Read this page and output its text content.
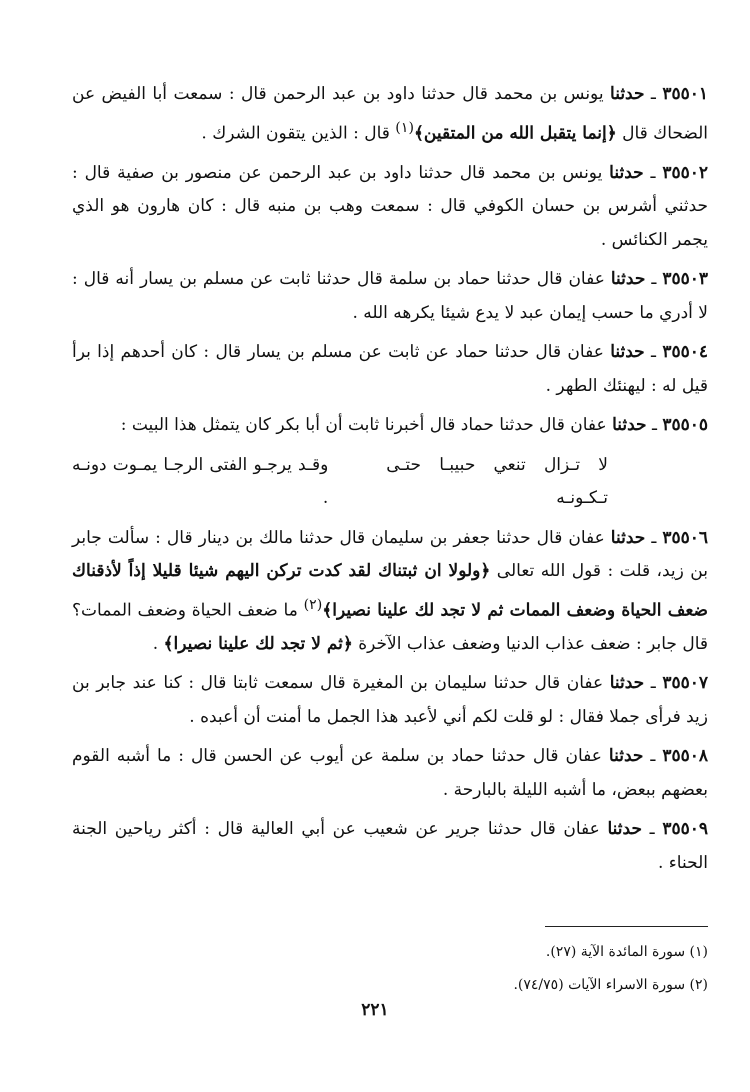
٣٥٥٠١ ـ حدثنا يونس بن محمد قال حدثنا داود بن عبد الرحمن قال : سمعت أبا الفيض عن الضحاك قال ﴿إنما يتقبل الله من المتقين﴾$^{(١)}$ قال : الذين يتقون الشرك .

٣٥٥٠٢ ـ حدثنا يونس بن محمد قال حدثنا داود بن عبد الرحمن عن منصور بن صفية قال : حدثني أشرس بن حسان الكوفي قال : سمعت وهب بن منبه قال : كان هارون هو الذي يجمر الكنائس .

٣٥٥٠٣ ـ حدثنا عفان قال حدثنا حماد بن سلمة قال حدثنا ثابت عن مسلم بن يسار أنه قال : لا أدري ما حسب إيمان عبد لا يدع شيئا يكرهه الله .

٣٥٥٠٤ ـ حدثنا عفان قال حدثنا حماد عن ثابت عن مسلم بن يسار قال : كان أحدهم إذا برأ قيل له : ليهنئك الطهر .

٣٥٥٠٥ ـ حدثنا عفان قال حدثنا حماد قال أخبرنا ثابت أن أبا بكر كان يتمثل هذا البيت :

لا تـزال تنعي حبيبـا حتـى تـكـونـه
وقـد يرجـو الفتى الرجـا يمـوت دونـه .

٣٥٥٠٦ ـ حدثنا عفان قال حدثنا جعفر بن سليمان قال حدثنا مالك بن دينار قال : سألت جابر بن زيد، قلت : قول الله تعالى ﴿ولولا ان ثبتناك لقد كدت تركن اليهم شيئا قليلا إذاً لأذقناك ضعف الحياة وضعف الممات ثم لا تجد لك علينا نصيرا﴾$^{(٢)}$ ما ضعف الحياة وضعف الممات؟ قال جابر : ضعف عذاب الدنيا وضعف عذاب الآخرة ﴿ثم لا تجد لك علينا نصيرا﴾ .

٣٥٥٠٧ ـ حدثنا عفان قال حدثنا سليمان بن المغيرة قال سمعت ثابتا قال : كنا عند جابر بن زيد فرأى جملا فقال : لو قلت لكم أني لأعبد هذا الجمل ما أمنت أن أعبده .

٣٥٥٠٨ ـ حدثنا عفان قال حدثنا حماد بن سلمة عن أيوب عن الحسن قال : ما أشبه القوم بعضهم ببعض، ما أشبه الليلة بالبارحة .

٣٥٥٠٩ ـ حدثنا عفان قال حدثنا جرير عن شعيب عن أبي العالية قال : أكثر رياحين الجنة الحناء .

(١) سورة المائدة الآية (٢٧).
(٢) سورة الاسراء الآيات (٧٤/٧٥).
٢٢١
